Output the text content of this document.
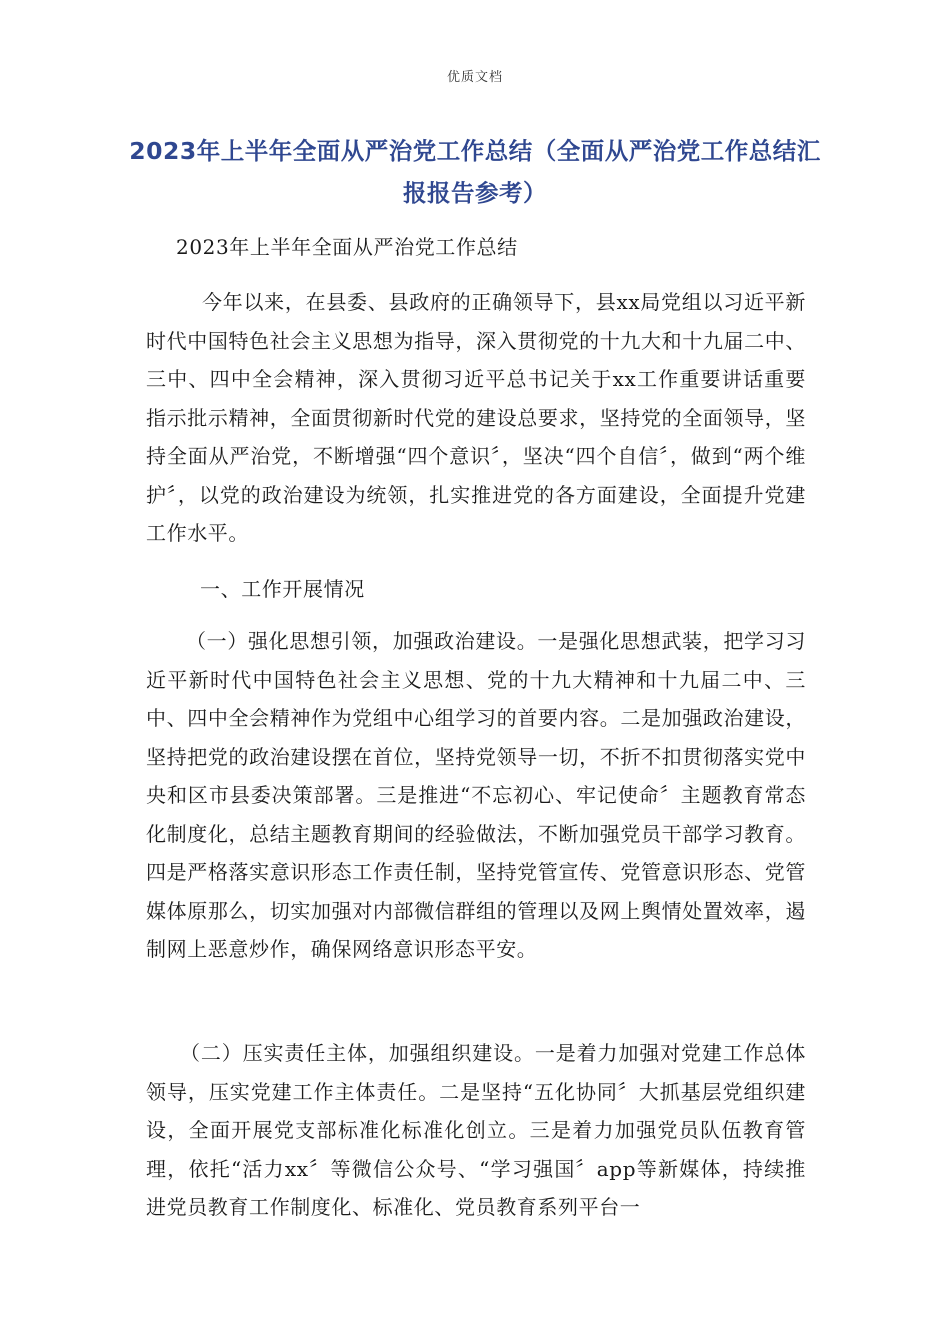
优质文档
2023年上半年全面从严治党工作总结（全面从严治党工作总结汇报报告参考）

2023年上半年全面从严治党工作总结

今年以来，在县委、县政府的正确领导下，县xx局党组以习近平新时代中国特色社会主义思想为指导，深入贯彻党的十九大和十九届二中、三中、四中全会精神，深入贯彻习近平总书记关于xx工作重要讲话重要指示批示精神，全面贯彻新时代党的建设总要求，坚持党的全面领导，坚持全面从严治党，不断增强“四个意识〞，坚决“四个自信〞，做到“两个维护〞，以党的政治建设为统领，扎实推进党的各方面建设，全面提升党建工作水平。

一、工作开展情况

（一）强化思想引领，加强政治建设。一是强化思想武装，把学习习近平新时代中国特色社会主义思想、党的十九大精神和十九届二中、三中、四中全会精神作为党组中心组学习的首要内容。二是加强政治建设，坚持把党的政治建设摆在首位，坚持党领导一切，不折不扣贯彻落实党中央和区市县委决策部署。三是推进“不忘初心、牢记使命〞主题教育常态化制度化，总结主题教育期间的经验做法，不断加强党员干部学习教育。四是严格落实意识形态工作责任制，坚持党管宣传、党管意识形态、党管媒体原那么，切实加强对内部微信群组的管理以及网上舆情处置效率，遏制网上恶意炒作，确保网络意识形态平安。

（二）压实责任主体，加强组织建设。一是着力加强对党建工作总体领导，压实党建工作主体责任。二是坚持“五化协同〞大抓基层党组织建设，全面开展党支部标准化标准化创立。三是着力加强党员队伍教育管理，依托“活力xx〞等微信公众号、“学习强国〞app等新媒体，持续推进党员教育工作制度化、标准化、党员教育系列平台一
